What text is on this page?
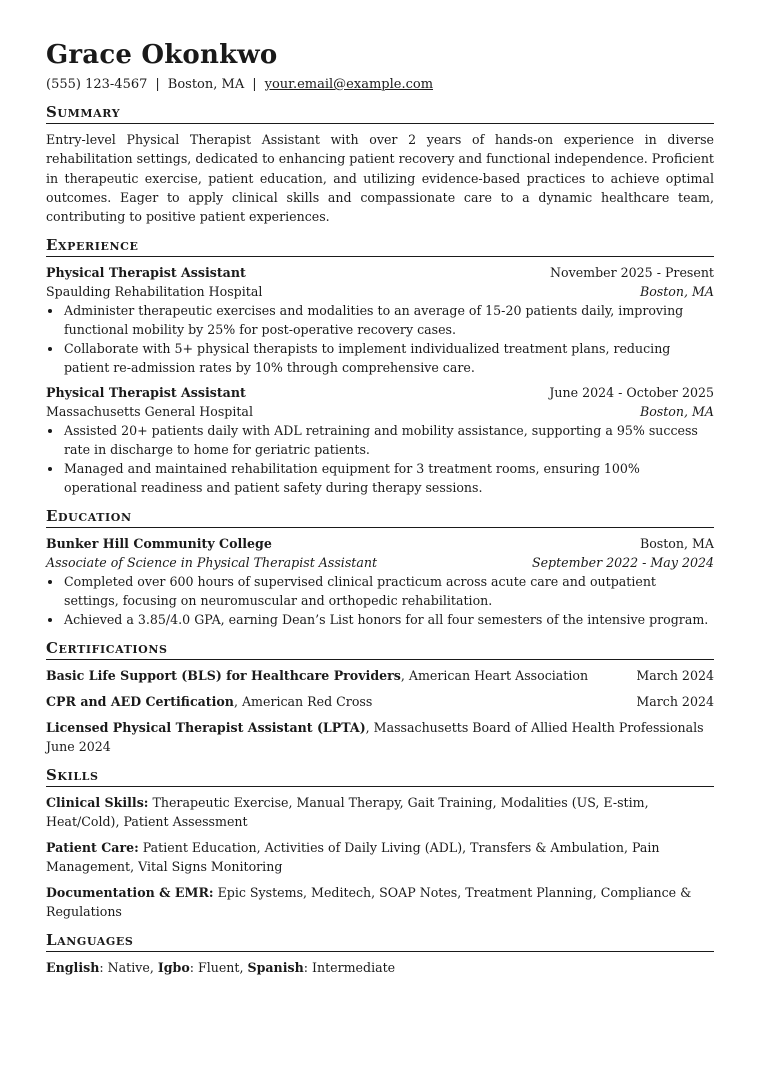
Grace Okonkwo
(555) 123-4567 | Boston, MA | your.email@example.com
Summary

Entry-level Physical Therapist Assistant with over 2 years of hands-on experience in diverse rehabilitation settings, dedicated to enhancing patient recovery and functional independence. Proficient in therapeutic exercise, patient education, and utilizing evidence-based practices to achieve optimal outcomes. Eager to apply clinical skills and compassionate care to a dynamic healthcare team, contributing to positive patient experiences.

Experience
Physical Therapist Assistant	November 2025 - Present
Spaulding Rehabilitation Hospital	Boston, MA
• Administer therapeutic exercises and modalities to an average of 15-20 patients daily, improving functional mobility by 25% for post-operative recovery cases.
• Collaborate with 5+ physical therapists to implement individualized treatment plans, reducing patient re-admission rates by 10% through comprehensive care.
Physical Therapist Assistant	June 2024 - October 2025
Massachusetts General Hospital	Boston, MA
• Assisted 20+ patients daily with ADL retraining and mobility assistance, supporting a 95% success rate in discharge to home for geriatric patients.
• Managed and maintained rehabilitation equipment for 3 treatment rooms, ensuring 100% operational readiness and patient safety during therapy sessions.
Education
Bunker Hill Community College	Boston, MA
Associate of Science in Physical Therapist Assistant	September 2022 - May 2024
• Completed over 600 hours of supervised clinical practicum across acute care and outpatient settings, focusing on neuromuscular and orthopedic rehabilitation.
• Achieved a 3.85/4.0 GPA, earning Dean’s List honors for all four semesters of the intensive program.
Certifications
Basic Life Support (BLS) for Healthcare Providers, American Heart Association	March 2024
CPR and AED Certification, American Red Cross	March 2024
Licensed Physical Therapist Assistant (LPTA), Massachusetts Board of Allied Health Professionals
June 2024
Skills
Clinical Skills: Therapeutic Exercise, Manual Therapy, Gait Training, Modalities (US, E-stim, Heat/Cold), Patient Assessment
Patient Care: Patient Education, Activities of Daily Living (ADL), Transfers & Ambulation, Pain Management, Vital Signs Monitoring
Documentation & EMR: Epic Systems, Meditech, SOAP Notes, Treatment Planning, Compliance & Regulations
Languages
English: Native, Igbo: Fluent, Spanish: Intermediate
